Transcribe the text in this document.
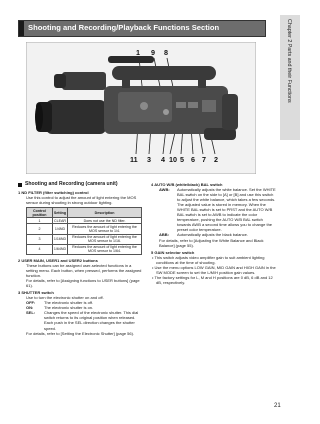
Shooting and Recording/Playback Functions Section	Chapter 2 Parts and their Functions
1 9 8
11 3 4 10 5 6 7 2
Shooting and Recording (camera unit)
1 ND FILTER (filter switching) control
Use this control to adjust the amount of light entering the MOS sensor during shooting in strong outdoor lighting.
Control position	Setting	Description
1	CLEAR	Does not use the ND filter.
2	1/4ND	Reduces the amount of light entering the MOS sensor to 1/4.
3	1/16ND	Reduces the amount of light entering the MOS sensor to 1/16.
4	1/64ND	Reduces the amount of light entering the MOS sensor to 1/64.
2 USER MAIN, USER1 and USER2 buttons
These buttons can be assigned user-selected functions in a setting menu. Each button, when pressed, performs the assigned function.
For details, refer to [Assigning functions to USER buttons] (page 61).
3 SHUTTER switch
Use to turn the electronic shutter on and off.
OFF:	The electronic shutter is off.
ON:	The electronic shutter is on.
SEL:	Changes the speed of the electronic shutter. This dial switch returns to its original position when released. Each push in the SEL direction changes the shutter speed.
For details, refer to [Setting the Electronic Shutter] (page 56).
4 AUTO W/B (white/black) BAL switch
AWB:	Automatically adjusts the white balance. Set the WHITE BAL switch on the side to [A] or [B] and use this switch to adjust the white balance, which takes a few seconds. The adjusted value is stored in memory. When the WHITE BAL switch is set to PRST and the AUTO W/B BAL switch is set to AWB to indicate the color temperature, pushing the AUTO W/B BAL switch towards AWB a second time allows you to change the preset color temperature.
ABB:	Automatically adjusts the black balance.
For details, refer to [Adjusting the White Balance and Black Balance] (page 55).
5 GAIN selector switch
• This switch adjusts video amplifier gain to suit ambient lighting conditions at the time of shooting.
• Use the menu options LOW GAIN, MID GAIN and HIGH GAIN in the SW MODE screen to set the L/M/H position gain values.
• The factory settings for L, M and H positions are 0 dB, 6 dB and 12 dB, respectively.
21
